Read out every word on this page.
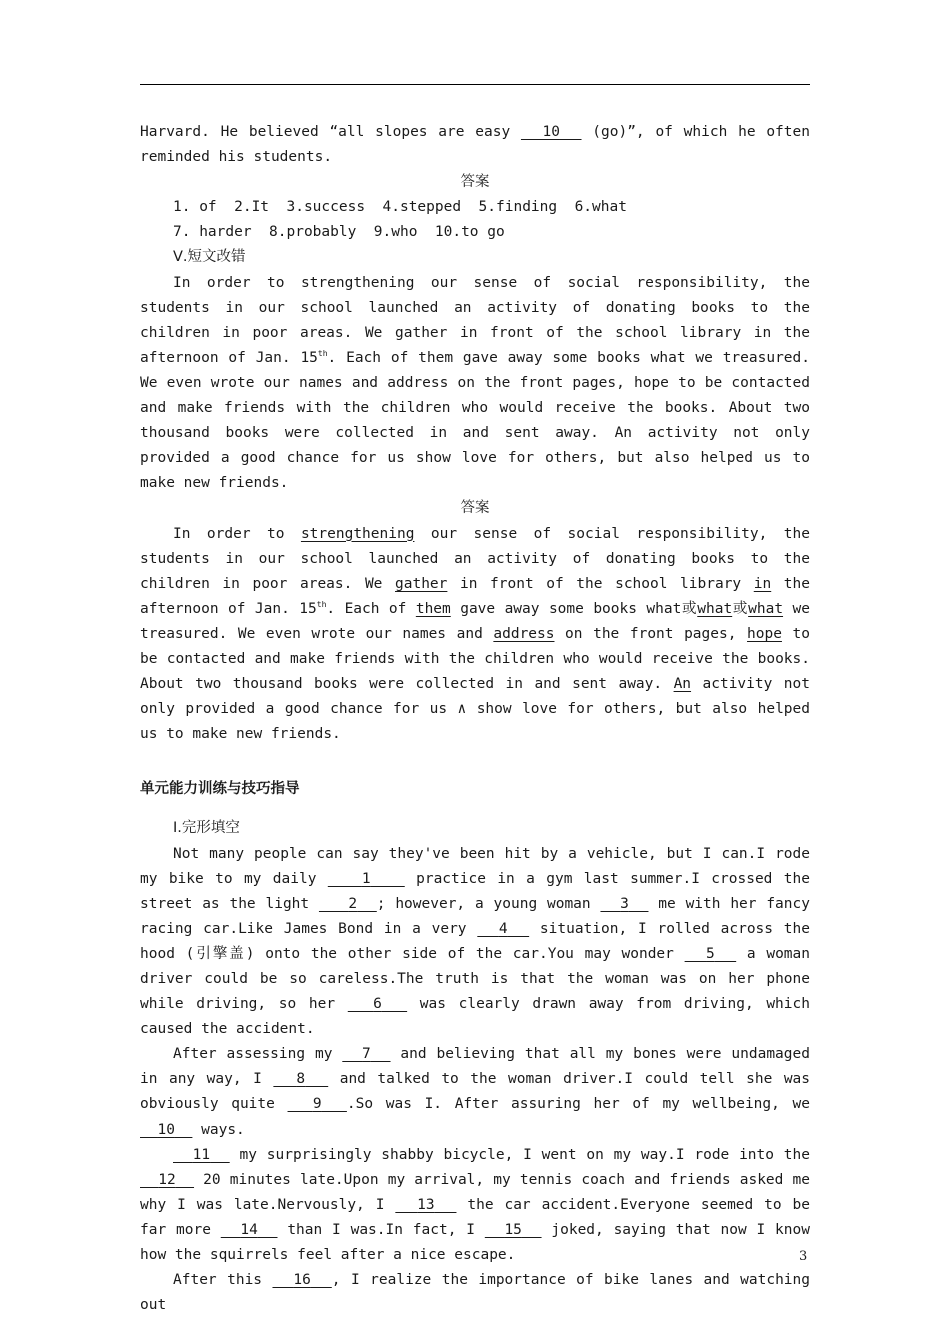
Harvard. He believed “all slopes are easy   10   (go)”, of which he often reminded his students.
答案
1. of  2.It  3.success  4.stepped  5.finding  6.what
7. harder  8.probably  9.who  10.to go
Ⅴ.短文改错
In order to strengthening our sense of social responsibility, the students in our school launched an activity of donating books to the children in poor areas. We gather in front of the school library in the afternoon of Jan. 15th. Each of them gave away some books what we treasured. We even wrote our names and address on the front pages, hope to be contacted and make friends with the children who would receive the books. About two thousand books were collected in and sent away. An activity not only provided a good chance for us show love for others, but also helped us to make new friends.
答案
In order to strengthening our sense of social responsibility, the students in our school launched an activity of donating books to the children in poor areas. We gather in front of the school library in the afternoon of Jan. 15th. Each of them gave away some books what或what或what we treasured. We even wrote our names and address on the front pages, hope to be contacted and make friends with the children who would receive the books. About two thousand books were collected in and sent away. An activity not only provided a good chance for us ∧ show love for others, but also helped us to make new friends.
单元能力训练与技巧指导
Ⅰ.完形填空
Not many people can say they've been hit by a vehicle, but I can.I rode my bike to my daily    1    practice in a gym last summer.I crossed the street as the light    2 ; however, a young woman   3   me with her fancy racing car.Like James Bond in a very   4   situation, I rolled across the hood (引擎盖) onto the other side of the car.You may wonder   5   a woman driver could be so careless.The truth is that the woman was on her phone while driving, so her   6   was clearly drawn away from driving, which caused the accident.
After assessing my   7   and believing that all my bones were undamaged in any way, I   8   and talked to the woman driver.I could tell she was obviously quite   9 .So was I. After assuring her of my wellbeing, we   10   ways.
11   my surprisingly shabby bicycle, I went on my way.I rode into the   12   20 minutes late.Upon my arrival, my tennis coach and friends asked me why I was late.Nervously, I   13   the car accident.Everyone seemed to be far more   14   than I was.In fact, I   15   joked, saying that now I know how the squirrels feel after a nice escape.
After this   16 , I realize the importance of bike lanes and watching out
3
